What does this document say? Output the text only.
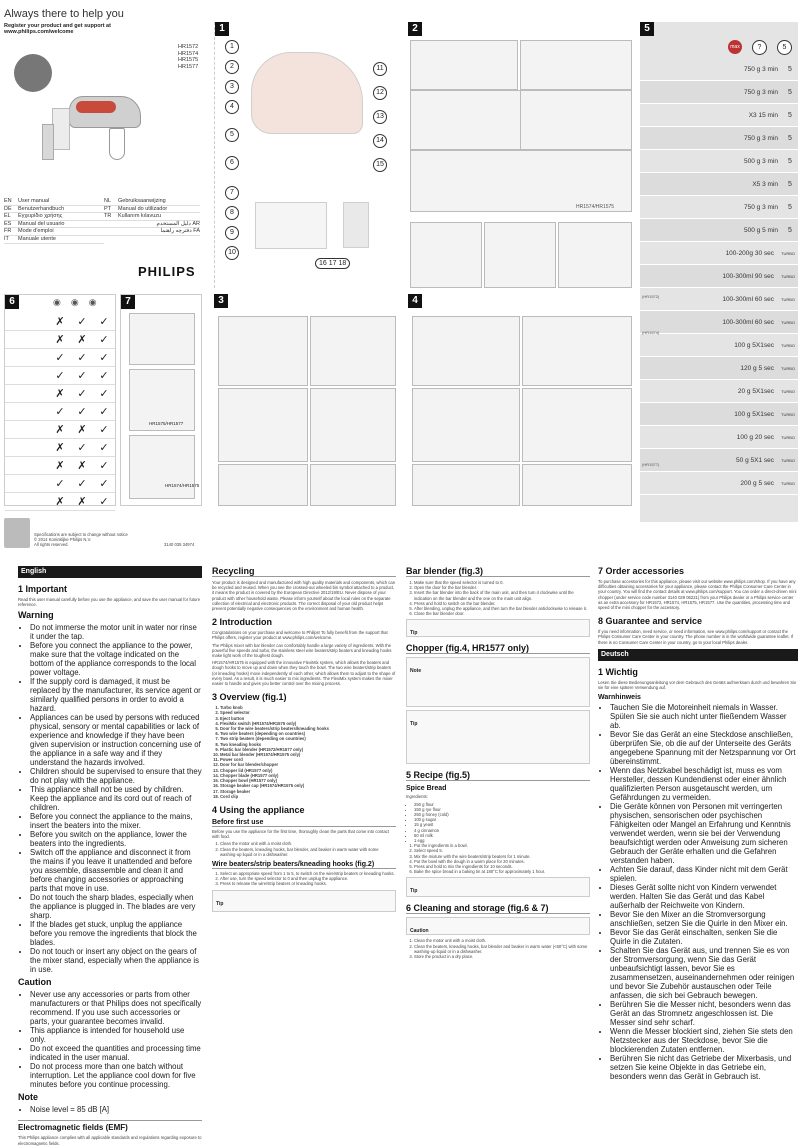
Always there to help you
Register your product and get support at
www.philips.com/welcome
HR1572
HR1574
HR1575
HR1577
EN User manual
DE Benutzerhandbuch
EL Εγχειρίδιο χρήσης
ES Manual del usuario
FR Mode d'emploi
IT Manuale utente
NL Gebruiksaanwijzing
PT Manual do utilizador
TR Kullanım kılavuzu
دليل المستخدم AR
دفترچه راهنما FA
PHILIPS
1
1
2
3
4
5
6
7
8
9
10
11
12
13
14
15
16 17 18
2
HR1574/HR1575
5
max	?	5
750 g 3 min	5
750 g 3 min	5
X3 15 min	5
750 g 3 min	5
500 g 3 min	5
X5 3 min	5
750 g 3 min	5
500 g 5 min	5
100-200g 30 sec	TURBO
100-300ml 90 sec	TURBO
100-300ml 60 sec	TURBO
100-300ml 60 sec	TURBO
100 g 5X1sec	TURBO
120 g 5 sec	TURBO
20 g 5X1sec	TURBO
100 g 5X1sec	TURBO
100 g 20 sec	TURBO
50 g 5X1 sec	TURBO
200 g 5 sec	TURBO
(HR1572)
(HR1574)
(HR1577)
6	◉◉◉
✗	✓	✓
✗	✗	✓
✓	✓	✓
✓	✓	✓
✗	✓	✓
✓	✓	✓
✗	✗	✓
✗	✓	✓
✗	✗	✓
✓	✓	✓
✗	✗	✓
7
HR1575/HR1577
HR1574/HR1575
3	4
Specifications are subject to change without notice
© 2014 Koninklijke Philips N.V.
All rights reserved.	3140 035 34974
English
1 Important
Read this user manual carefully before you use the appliance, and save the user manual for future reference.
Warning
• Do not immerse the motor unit in water nor rinse it under the tap.
• Before you connect the appliance to the power, make sure that the voltage indicated on the bottom of the appliance corresponds to the local power voltage.
• If the supply cord is damaged, it must be replaced by the manufacturer, its service agent or similarly qualified persons in order to avoid a hazard.
• Appliances can be used by persons with reduced physical, sensory or mental capabilities or lack of experience and knowledge if they have been given supervision or instruction concerning use of the appliance in a safe way and if they understand the hazards involved.
• Children should be supervised to ensure that they do not play with the appliance.
• This appliance shall not be used by children. Keep the appliance and its cord out of reach of children.
• Before you connect the appliance to the mains, insert the beaters into the mixer.
• Before you switch on the appliance, lower the beaters into the ingredients.
• Switch off the appliance and disconnect it from the mains if you leave it unattended and before you assemble, disassemble and clean it and before changing accessories or approaching parts that move in use.
• Do not touch the sharp blades, especially when the appliance is plugged in. The blades are very sharp.
• If the blades get stuck, unplug the appliance before you remove the ingredients that block the blades.
• Do not touch or insert any object on the gears of the mixer stand, especially when the appliance is in use.
Caution
• Never use any accessories or parts from other manufacturers or that Philips does not specifically recommend. If you use such accessories or parts, your guarantee becomes invalid.
• This appliance is intended for household use only.
• Do not exceed the quantities and processing time indicated in the user manual.
• Do not process more than one batch without interruption. Let the appliance cool down for five minutes before you continue processing.
Note
• Noise level = 85 dB [A]
Electromagnetic fields (EMF)
This Philips appliance complies with all applicable standards and regulations regarding exposure to electromagnetic fields.
Recycling
Your product is designed and manufactured with high quality materials and components, which can be recycled and reused. When you see the crossed-out wheeled bin symbol attached to a product, it means the product is covered by the European Directive 2012/19/EU. Never dispose of your product with other household waste. Please inform yourself about the local rules on the separate collection of electrical and electronic products. The correct disposal of your old product helps prevent potentially negative consequences on the environment and human health.
2 Introduction
Congratulations on your purchase and welcome to Philips! To fully benefit from the support that Philips offers, register your product at www.philips.com/welcome.
The Philips mixer with bar blender can comfortably handle a large variety of ingredients. With the powerful five speeds and turbo, the stainless steel wire beaters/strip beaters and kneading hooks make light work of the toughest dough.
HR1574/HR1575 is equipped with the innovative FlexiMix system, which allows the beaters and dough hooks to move up and down when they touch the bowl. The two wire beaters/strip beaters (or kneading hooks) move independently of each other, which allows them to adjust to the shape of every bowl. As a result, it is much easier to mix ingredients. The FlexiMix system makes the mixer easier to handle and gives you better control over the mixing process.
3 Overview (fig.1)
1. Turbo knob
2. Speed selector
3. Eject button
4. FlexiMix switch (HR1574/HR1575 only)
5. Door for the wire beaters/strip beaters/kneading hooks
6. Two wire beaters (depending on countries)
7. Two strip beaters (depending on countries)
8. Two kneading hooks
9. Plastic bar blender (HR1572/HR1577 only)
10. Metal bar blender (HR1574/HR1575 only)
11. Power cord
12. Door for bar blender/chopper
13. Chopper lid (HR1577 only)
14. Chopper blade (HR1577 only)
15. Chopper bowl (HR1577 only)
16. Storage beaker cap (HR1574/HR1575 only)
17. Storage beaker
18. Cord clip
4 Using the appliance
Before first use
Before you use the appliance for the first time, thoroughly clean the parts that come into contact with food.
1. Clean the motor unit with a moist cloth.
2. Clean the beaters, kneading hooks, bar blender, and beaker in warm water with some washing-up liquid or in a dishwasher.
Wire beaters/strip beaters/kneading hooks (fig.2)
1. Select an appropriate speed from 1 to 5, to switch on the wire/strip beaters or kneading hooks.
2. After use, turn the speed selector to 0 and then unplug the appliance.
3. Press to release the wire/strip beaters or kneading hooks.
Tip
Bar blender (fig.3)
1. Make sure that the speed selector is turned to 0.
2. Open the door for the bar blender.
3. Insert the bar blender into the back of the main unit, and then turn it clockwise until the indication on the bar blender and the one on the main unit align.
4. Press and hold to switch on the bar blender.
5. After blending, unplug the appliance, and then turn the bar blender anticlockwise to release it.
6. Close the bar blender door.
Tip
Chopper (fig.4, HR1577 only)
Note
Tip
5 Recipe (fig.5)
Spice Bread
Ingredients:
• 250 g flour
• 150 g rye flour
• 250 g honey (cold)
• 100 g sugar
• 15 g yeast
• 4 g cinnamon
• 50 ml milk
• 1 egg
1. Put the ingredients in a bowl.
2. Select speed 5.
3. Mix the mixture with the wire beaters/strip beaters for 1 minute.
4. Put the bowl with the dough in a warm place for 20 minutes.
5. Press and hold to mix the ingredients for 10 seconds.
6. Bake the spice bread in a baking tin at 180°C for approximately 1 hour.
Tip
6 Cleaning and storage (fig.6 & 7)
Caution
1. Clean the motor unit with a moist cloth.
2. Clean the beaters, kneading hooks, bar blender and beaker in warm water (<60°C) with some washing-up liquid or in a dishwasher.
3. Store the product in a dry place.
7 Order accessories
To purchase accessories for this appliance, please visit our website www.philips.com/shop. If you have any difficulties obtaining accessories for your appliance, please contact the Philips Consumer Care Center in your country. You will find the contact details at www.philips.com/support. You can order a direct-driven mini chopper (under service code number 3140 029 06221) from your Philips dealer or a Philips service center as an extra accessory for HR1572, HR1574, HR1575, HR1577. Use the quantities, processing time and speed of the mini chopper for the accessory.
8 Guarantee and service
If you need information, need service, or need information, see www.philips.com/support or contact the Philips Consumer Care Center in your country. The phone number is in the worldwide guarantee leaflet. If there is no Consumer Care Center in your country, go to your local Philips dealer.
Deutsch
1 Wichtig
Lesen Sie diese Bedienungsanleitung vor dem Gebrauch des Geräts aufmerksam durch und bewahren Sie sie für eine spätere Verwendung auf.
Warnhinweis
• Tauchen Sie die Motoreinheit niemals in Wasser. Spülen Sie sie auch nicht unter fließendem Wasser ab.
• Bevor Sie das Gerät an eine Steckdose anschließen, überprüfen Sie, ob die auf der Unterseite des Geräts angegebene Spannung mit der Netzspannung vor Ort übereinstimmt.
• Wenn das Netzkabel beschädigt ist, muss es vom Hersteller, dessen Kundendienst oder einer ähnlich qualifizierten Person ausgetauscht werden, um Gefährdungen zu vermeiden.
• Die Geräte können von Personen mit verringerten physischen, sensorischen oder psychischen Fähigkeiten oder Mangel an Erfahrung und Kenntnis verwendet werden, wenn sie bei der Verwendung beaufsichtigt werden oder Anweisung zum sicheren Gebrauch der Geräte erhalten und die Gefahren verstanden haben.
• Achten Sie darauf, dass Kinder nicht mit dem Gerät spielen.
• Dieses Gerät sollte nicht von Kindern verwendet werden. Halten Sie das Gerät und das Kabel außerhalb der Reichweite von Kindern.
• Bevor Sie den Mixer an die Stromversorgung anschließen, setzen Sie die Quirle in den Mixer ein.
• Bevor Sie das Gerät einschalten, senken Sie die Quirle in die Zutaten.
• Schalten Sie das Gerät aus, und trennen Sie es von der Stromversorgung, wenn Sie das Gerät unbeaufsichtigt lassen, bevor Sie es zusammensetzen, auseinandernehmen oder reinigen und bevor Sie Zubehör austauschen oder Teile anfassen, die sich bei Gebrauch bewegen.
• Berühren Sie die Messer nicht, besonders wenn das Gerät an das Stromnetz angeschlossen ist. Die Messer sind sehr scharf.
• Wenn die Messer blockiert sind, ziehen Sie stets den Netzstecker aus der Steckdose, bevor Sie die blockierenden Zutaten entfernen.
• Berühren Sie nicht das Getriebe der Mixerbasis, und setzen Sie keine Objekte in das Getriebe ein, besonders wenn das Gerät in Gebrauch ist.
